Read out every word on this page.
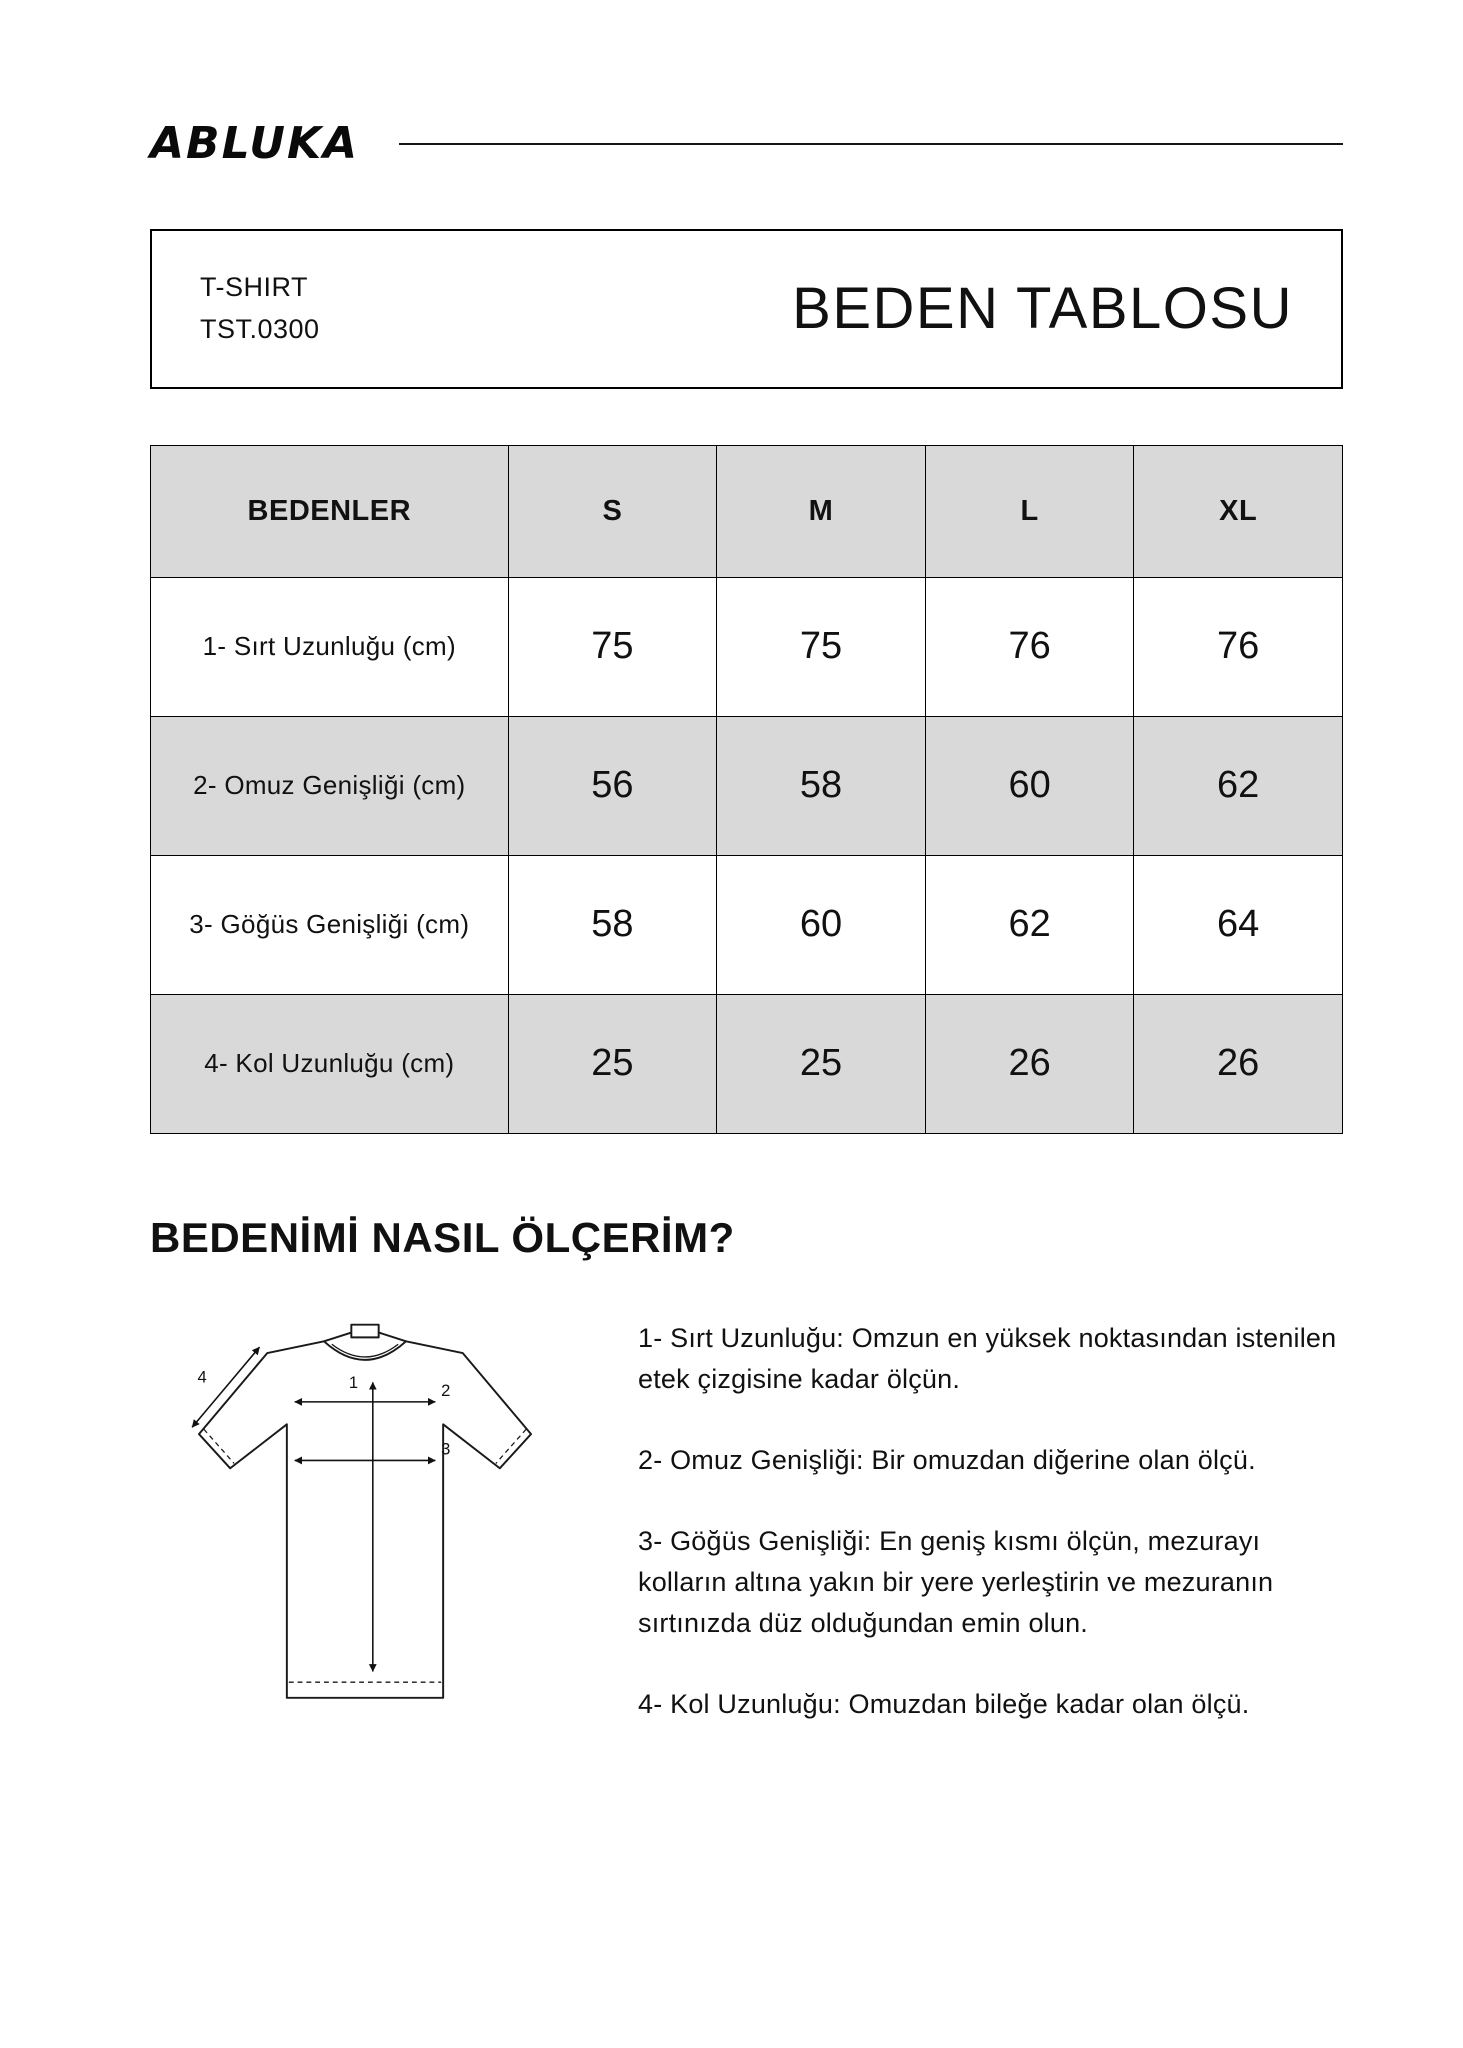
ABLUKA
T-SHIRT
TST.0300	BEDEN TABLOSU
BEDENLER	S	M	L	XL
1- Sırt Uzunluğu (cm)	75	75	76	76
2- Omuz Genişliği (cm)	56	58	60	62
3- Göğüs Genişliği (cm)	58	60	62	64
4- Kol Uzunluğu (cm)	25	25	26	26
BEDENİMİ NASIL ÖLÇERİM?
1	2
3
4

1- Sırt Uzunluğu: Omzun en yüksek noktasından istenilen etek çizgisine kadar ölçün.

2- Omuz Genişliği: Bir omuzdan diğerine olan ölçü.

3- Göğüs Genişliği: En geniş kısmı ölçün, mezurayı kolların altına yakın bir yere yerleştirin ve mezuranın sırtınızda düz olduğundan emin olun.

4- Kol Uzunluğu: Omuzdan bileğe kadar olan ölçü.
